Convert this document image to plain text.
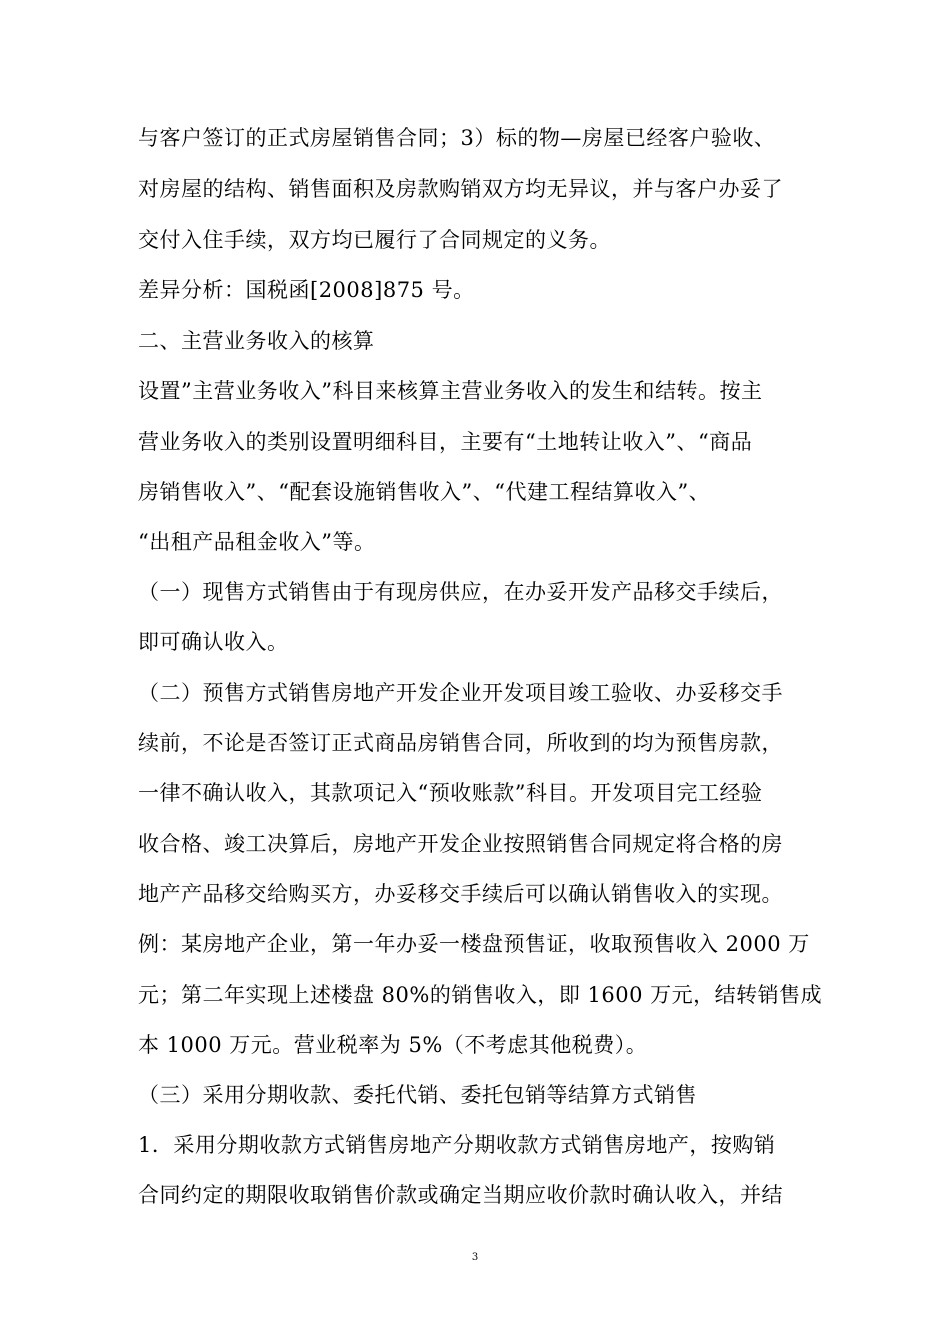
与客户签订的正式房屋销售合同；3）标的物—房屋已经客户验收、
对房屋的结构、销售面积及房款购销双方均无异议，并与客户办妥了
交付入住手续，双方均已履行了合同规定的义务。
差异分析：国税函[2008]875 号。
二、主营业务收入的核算
设置”主营业务收入”科目来核算主营业务收入的发生和结转。按主
营业务收入的类别设置明细科目，主要有“土地转让收入”、“商品
房销售收入”、“配套设施销售收入”、“代建工程结算收入”、
“出租产品租金收入”等。
（一）现售方式销售由于有现房供应，在办妥开发产品移交手续后，
即可确认收入。
（二）预售方式销售房地产开发企业开发项目竣工验收、办妥移交手
续前，不论是否签订正式商品房销售合同，所收到的均为预售房款，
一律不确认收入，其款项记入“预收账款”科目。开发项目完工经验
收合格、竣工决算后，房地产开发企业按照销售合同规定将合格的房
地产产品移交给购买方，办妥移交手续后可以确认销售收入的实现。
例：某房地产企业，第一年办妥一楼盘预售证，收取预售收入 2000 万
元；第二年实现上述楼盘 80%的销售收入，即 1600 万元，结转销售成
本 1000 万元。营业税率为 5%（不考虑其他税费）。
（三）采用分期收款、委托代销、委托包销等结算方式销售
1．采用分期收款方式销售房地产分期收款方式销售房地产，按购销
合同约定的期限收取销售价款或确定当期应收价款时确认收入，并结
3
